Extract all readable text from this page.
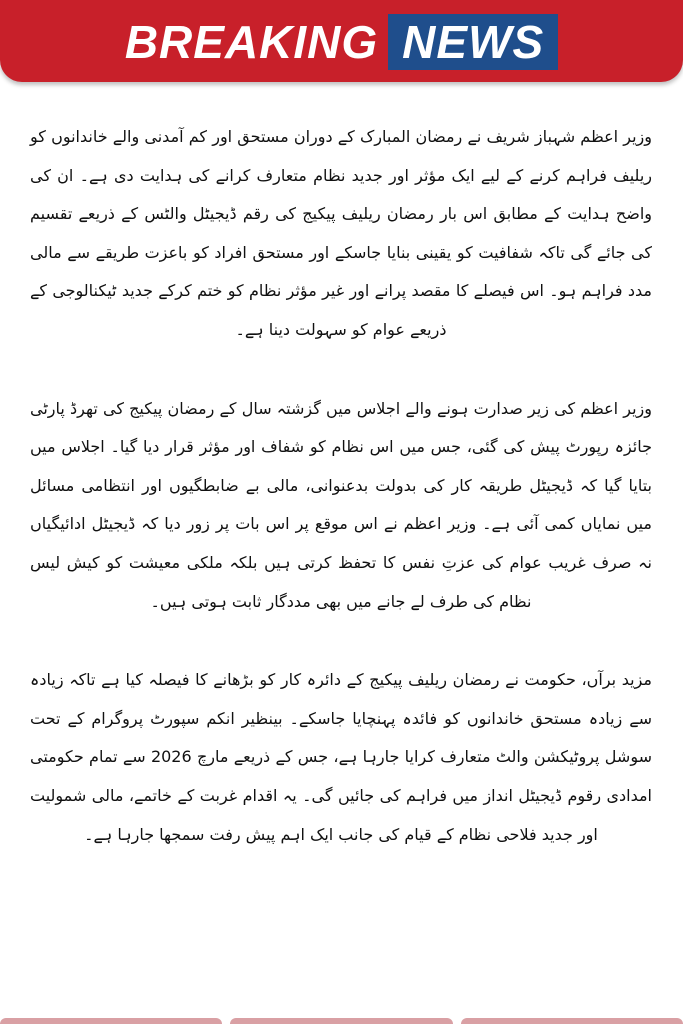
BREAKING NEWS

وزیر اعظم شہباز شریف نے رمضان المبارک کے دوران مستحق اور کم آمدنی والے خاندانوں کو ریلیف فراہم کرنے کے لیے ایک مؤثر اور جدید نظام متعارف کرانے کی ہدایت دی ہے۔ ان کی واضح ہدایت کے مطابق اس بار رمضان ریلیف پیکیج کی رقم ڈیجیٹل والٹس کے ذریعے تقسیم کی جائے گی تاکہ شفافیت کو یقینی بنایا جاسکے اور مستحق افراد کو باعزت طریقے سے مالی مدد فراہم ہو۔ اس فیصلے کا مقصد پرانے اور غیر مؤثر نظام کو ختم کرکے جدید ٹیکنالوجی کے ذریعے عوام کو سہولت دینا ہے۔

وزیر اعظم کی زیر صدارت ہونے والے اجلاس میں گزشتہ سال کے رمضان پیکیج کی تھرڈ پارٹی جائزہ رپورٹ پیش کی گئی، جس میں اس نظام کو شفاف اور مؤثر قرار دیا گیا۔ اجلاس میں بتایا گیا کہ ڈیجیٹل طریقہ کار کی بدولت بدعنوانی، مالی بے ضابطگیوں اور انتظامی مسائل میں نمایاں کمی آئی ہے۔ وزیر اعظم نے اس موقع پر اس بات پر زور دیا کہ ڈیجیٹل ادائیگیاں نہ صرف غریب عوام کی عزتِ نفس کا تحفظ کرتی ہیں بلکہ ملکی معیشت کو کیش لیس نظام کی طرف لے جانے میں بھی مددگار ثابت ہوتی ہیں۔

مزید برآں، حکومت نے رمضان ریلیف پیکیج کے دائرہ کار کو بڑھانے کا فیصلہ کیا ہے تاکہ زیادہ سے زیادہ مستحق خاندانوں کو فائدہ پہنچایا جاسکے۔ بینظیر انکم سپورٹ پروگرام کے تحت سوشل پروٹیکشن والٹ متعارف کرایا جارہا ہے، جس کے ذریعے مارچ 2026 سے تمام حکومتی امدادی رقوم ڈیجیٹل انداز میں فراہم کی جائیں گی۔ یہ اقدام غربت کے خاتمے، مالی شمولیت اور جدید فلاحی نظام کے قیام کی جانب ایک اہم پیش رفت سمجھا جارہا ہے۔
